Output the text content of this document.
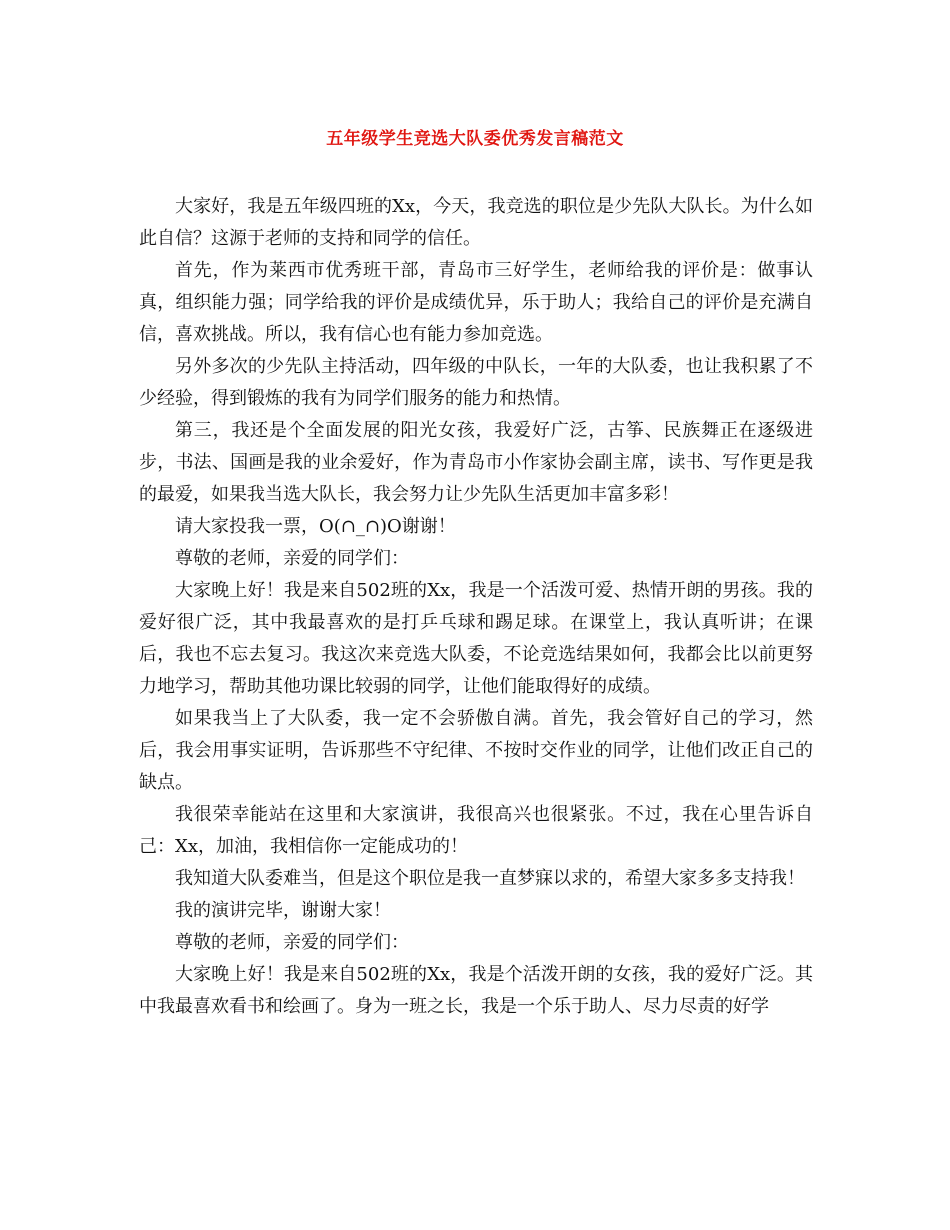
五年级学生竞选大队委优秀发言稿范文

大家好，我是五年级四班的Xx，今天，我竞选的职位是少先队大队长。为什么如此自信？这源于老师的支持和同学的信任。

首先，作为莱西市优秀班干部，青岛市三好学生，老师给我的评价是：做事认真，组织能力强；同学给我的评价是成绩优异，乐于助人；我给自己的评价是充满自信，喜欢挑战。所以，我有信心也有能力参加竞选。

另外多次的少先队主持活动，四年级的中队长，一年的大队委，也让我积累了不少经验，得到锻炼的我有为同学们服务的能力和热情。

第三，我还是个全面发展的阳光女孩，我爱好广泛，古筝、民族舞正在逐级进步，书法、国画是我的业余爱好，作为青岛市小作家协会副主席，读书、写作更是我的最爱，如果我当选大队长，我会努力让少先队生活更加丰富多彩！

请大家投我一票，O(∩_∩)O谢谢！

尊敬的老师，亲爱的同学们：

大家晚上好！我是来自502班的Xx，我是一个活泼可爱、热情开朗的男孩。我的爱好很广泛，其中我最喜欢的是打乒乓球和踢足球。在课堂上，我认真听讲；在课后，我也不忘去复习。我这次来竞选大队委，不论竞选结果如何，我都会比以前更努力地学习，帮助其他功课比较弱的同学，让他们能取得好的成绩。

如果我当上了大队委，我一定不会骄傲自满。首先，我会管好自己的学习，然后，我会用事实证明，告诉那些不守纪律、不按时交作业的同学，让他们改正自己的缺点。

我很荣幸能站在这里和大家演讲，我很高兴也很紧张。不过，我在心里告诉自己：Xx，加油，我相信你一定能成功的！

我知道大队委难当，但是这个职位是我一直梦寐以求的，希望大家多多支持我！

我的演讲完毕，谢谢大家！

尊敬的老师，亲爱的同学们：

大家晚上好！我是来自502班的Xx，我是个活泼开朗的女孩，我的爱好广泛。其中我最喜欢看书和绘画了。身为一班之长，我是一个乐于助人、尽力尽责的好学
